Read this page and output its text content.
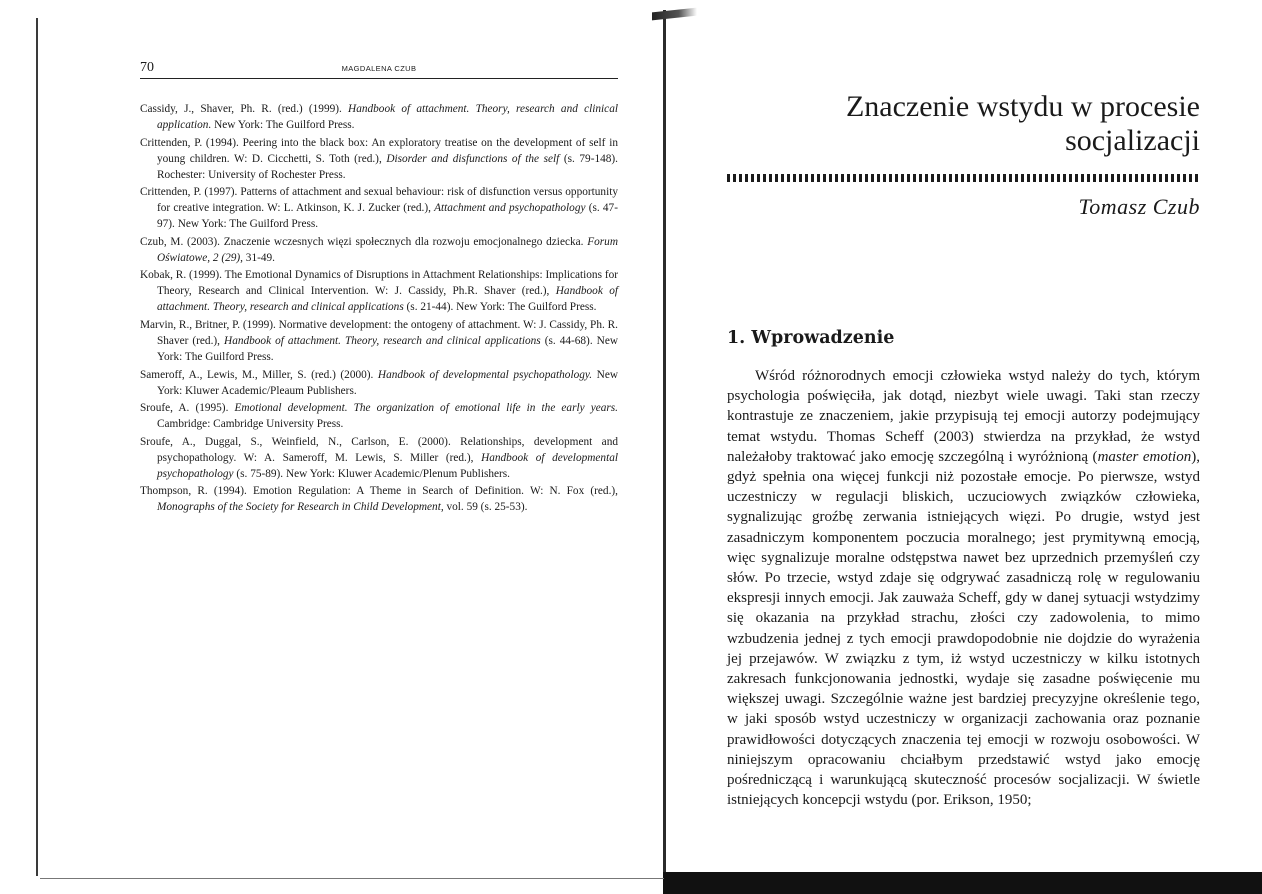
70	MAGDALENA CZUB

Cassidy, J., Shaver, Ph. R. (red.) (1999). Handbook of attachment. Theory, research and clinical application. New York: The Guilford Press.

Crittenden, P. (1994). Peering into the black box: An exploratory treatise on the development of self in young children. W: D. Cicchetti, S. Toth (red.), Disorder and disfunctions of the self (s. 79-148). Rochester: University of Rochester Press.

Crittenden, P. (1997). Patterns of attachment and sexual behaviour: risk of disfunction versus opportunity for creative integration. W: L. Atkinson, K. J. Zucker (red.), Attachment and psychopathology (s. 47-97). New York: The Guilford Press.

Czub, M. (2003). Znaczenie wczesnych więzi społecznych dla rozwoju emocjonalnego dziecka. Forum Oświatowe, 2 (29), 31-49.

Kobak, R. (1999). The Emotional Dynamics of Disruptions in Attachment Relationships: Implications for Theory, Research and Clinical Intervention. W: J. Cassidy, Ph.R. Shaver (red.), Handbook of attachment. Theory, research and clinical applications (s. 21-44). New York: The Guilford Press.

Marvin, R., Britner, P. (1999). Normative development: the ontogeny of attachment. W: J. Cassidy, Ph. R. Shaver (red.), Handbook of attachment. Theory, research and clinical applications (s. 44-68). New York: The Guilford Press.

Sameroff, A., Lewis, M., Miller, S. (red.) (2000). Handbook of developmental psychopathology. New York: Kluwer Academic/Pleaum Publishers.

Sroufe, A. (1995). Emotional development. The organization of emotional life in the early years. Cambridge: Cambridge University Press.

Sroufe, A., Duggal, S., Weinfield, N., Carlson, E. (2000). Relationships, development and psychopathology. W: A. Sameroff, M. Lewis, S. Miller (red.), Handbook of developmental psychopathology (s. 75-89). New York: Kluwer Academic/Plenum Publishers.

Thompson, R. (1994). Emotion Regulation: A Theme in Search of Definition. W: N. Fox (red.), Monographs of the Society for Research in Child Development, vol. 59 (s. 25-53).

Znaczenie wstydu w procesie
socjalizacji
Tomasz Czub
1. Wprowadzenie

Wśród różnorodnych emocji człowieka wstyd należy do tych, którym psychologia poświęciła, jak dotąd, niezbyt wiele uwagi. Taki stan rzeczy kontrastuje ze znaczeniem, jakie przypisują tej emocji autorzy podejmujący temat wstydu. Thomas Scheff (2003) stwierdza na przykład, że wstyd należałoby traktować jako emocję szczególną i wyróżnioną (master emotion), gdyż spełnia ona więcej funkcji niż pozostałe emocje. Po pierwsze, wstyd uczestniczy w regulacji bliskich, uczuciowych związków człowieka, sygnalizując groźbę zerwania istniejących więzi. Po drugie, wstyd jest zasadniczym komponentem poczucia moralnego; jest prymitywną emocją, więc sygnalizuje moralne odstępstwa nawet bez uprzednich przemyśleń czy słów. Po trzecie, wstyd zdaje się odgrywać zasadniczą rolę w regulowaniu ekspresji innych emocji. Jak zauważa Scheff, gdy w danej sytuacji wstydzimy się okazania na przykład strachu, złości czy zadowolenia, to mimo wzbudzenia jednej z tych emocji prawdopodobnie nie dojdzie do wyrażenia jej przejawów. W związku z tym, iż wstyd uczestniczy w kilku istotnych zakresach funkcjonowania jednostki, wydaje się zasadne poświęcenie mu większej uwagi. Szczególnie ważne jest bardziej precyzyjne określenie tego, w jaki sposób wstyd uczestniczy w organizacji zachowania oraz poznanie prawidłowości dotyczących znaczenia tej emocji w rozwoju osobowości. W niniejszym opracowaniu chciałbym przedstawić wstyd jako emocję pośredniczącą i warunkującą skuteczność procesów socjalizacji. W świetle istniejących koncepcji wstydu (por. Erikson, 1950;
